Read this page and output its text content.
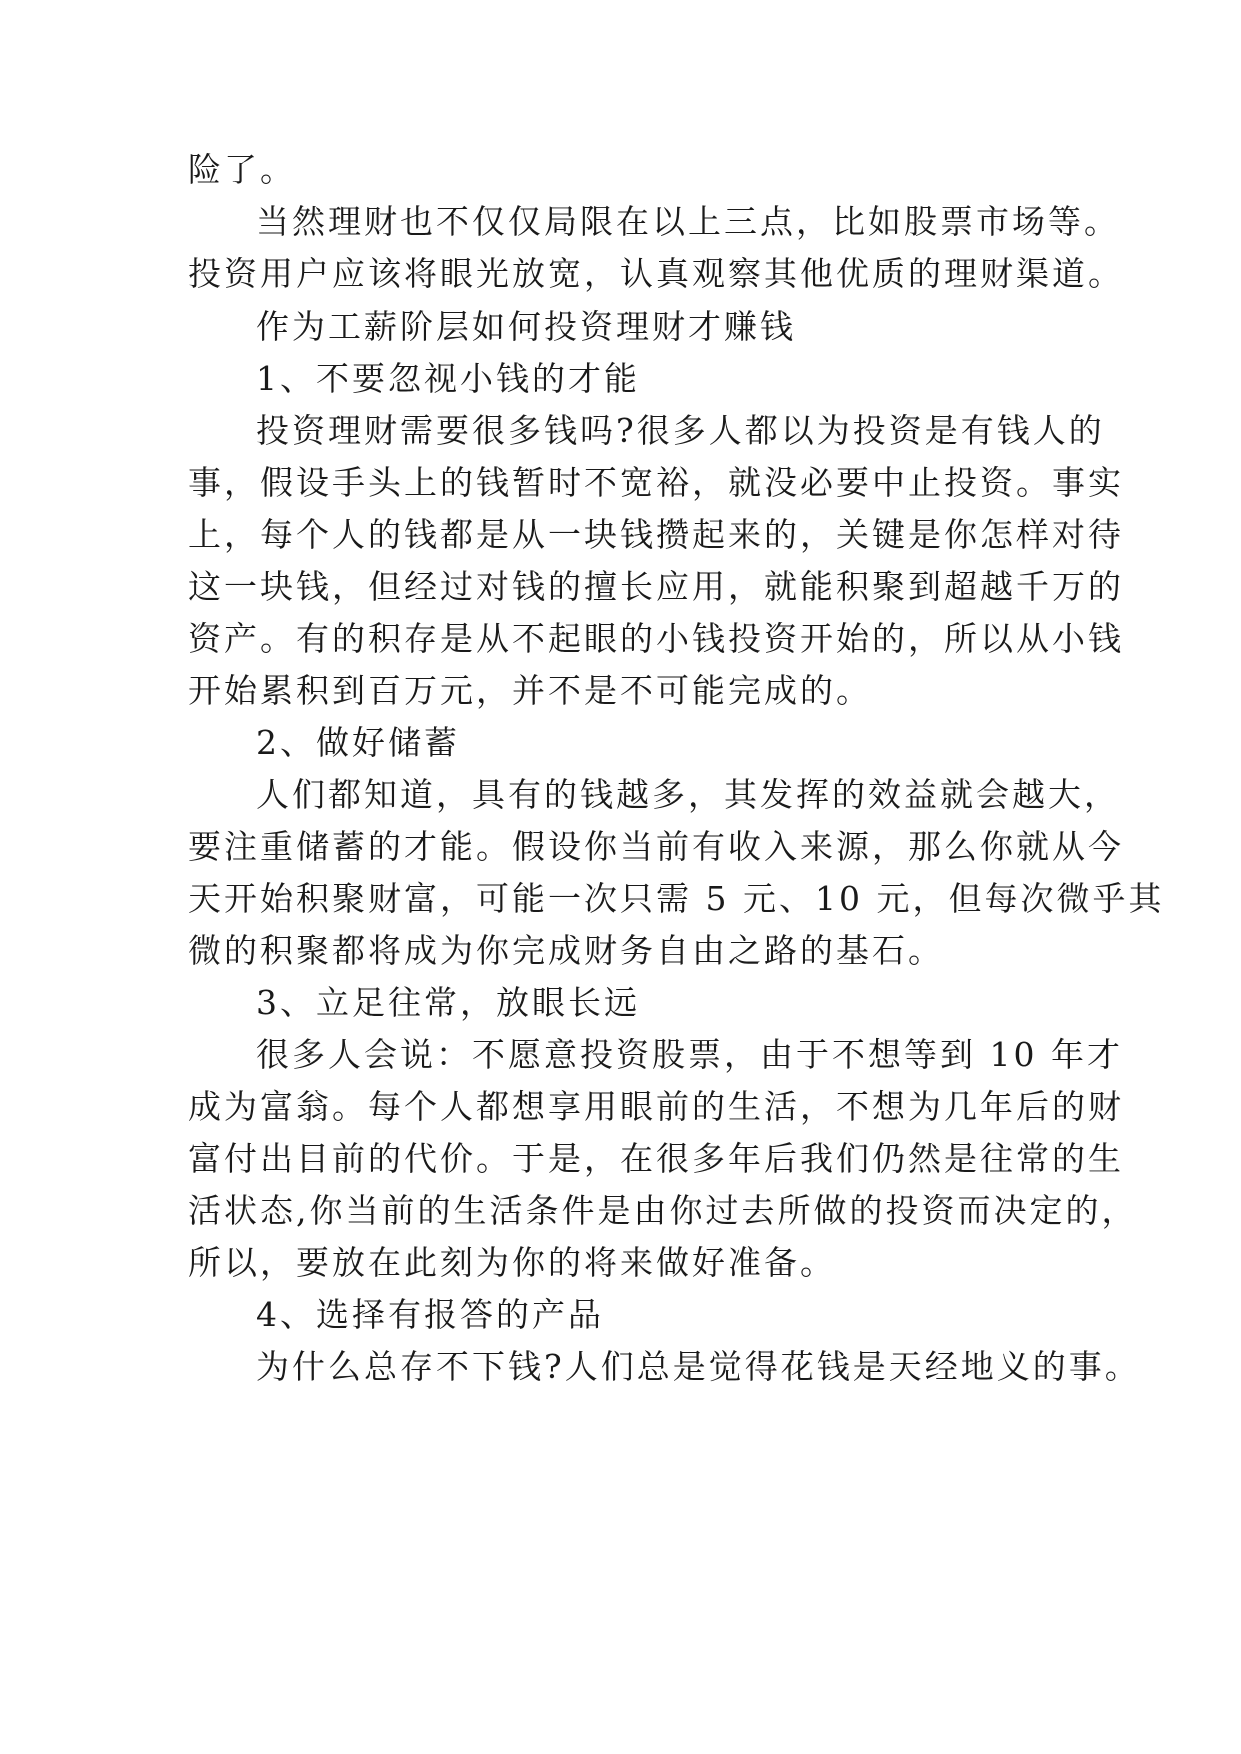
险了。
当然理财也不仅仅局限在以上三点，比如股票市场等。
投资用户应该将眼光放宽，认真观察其他优质的理财渠道。
作为工薪阶层如何投资理财才赚钱
1、不要忽视小钱的才能
投资理财需要很多钱吗?很多人都以为投资是有钱人的
事，假设手头上的钱暂时不宽裕，就没必要中止投资。事实
上，每个人的钱都是从一块钱攒起来的，关键是你怎样对待
这一块钱，但经过对钱的擅长应用，就能积聚到超越千万的
资产。有的积存是从不起眼的小钱投资开始的，所以从小钱
开始累积到百万元，并不是不可能完成的。
2、做好储蓄
人们都知道，具有的钱越多，其发挥的效益就会越大，
要注重储蓄的才能。假设你当前有收入来源，那么你就从今
天开始积聚财富，可能一次只需 5 元、10 元，但每次微乎其
微的积聚都将成为你完成财务自由之路的基石。
3、立足往常，放眼长远
很多人会说：不愿意投资股票，由于不想等到 10 年才
成为富翁。每个人都想享用眼前的生活，不想为几年后的财
富付出目前的代价。于是，在很多年后我们仍然是往常的生
活状态,你当前的生活条件是由你过去所做的投资而决定的，
所以，要放在此刻为你的将来做好准备。
4、选择有报答的产品
为什么总存不下钱?人们总是觉得花钱是天经地义的事。
